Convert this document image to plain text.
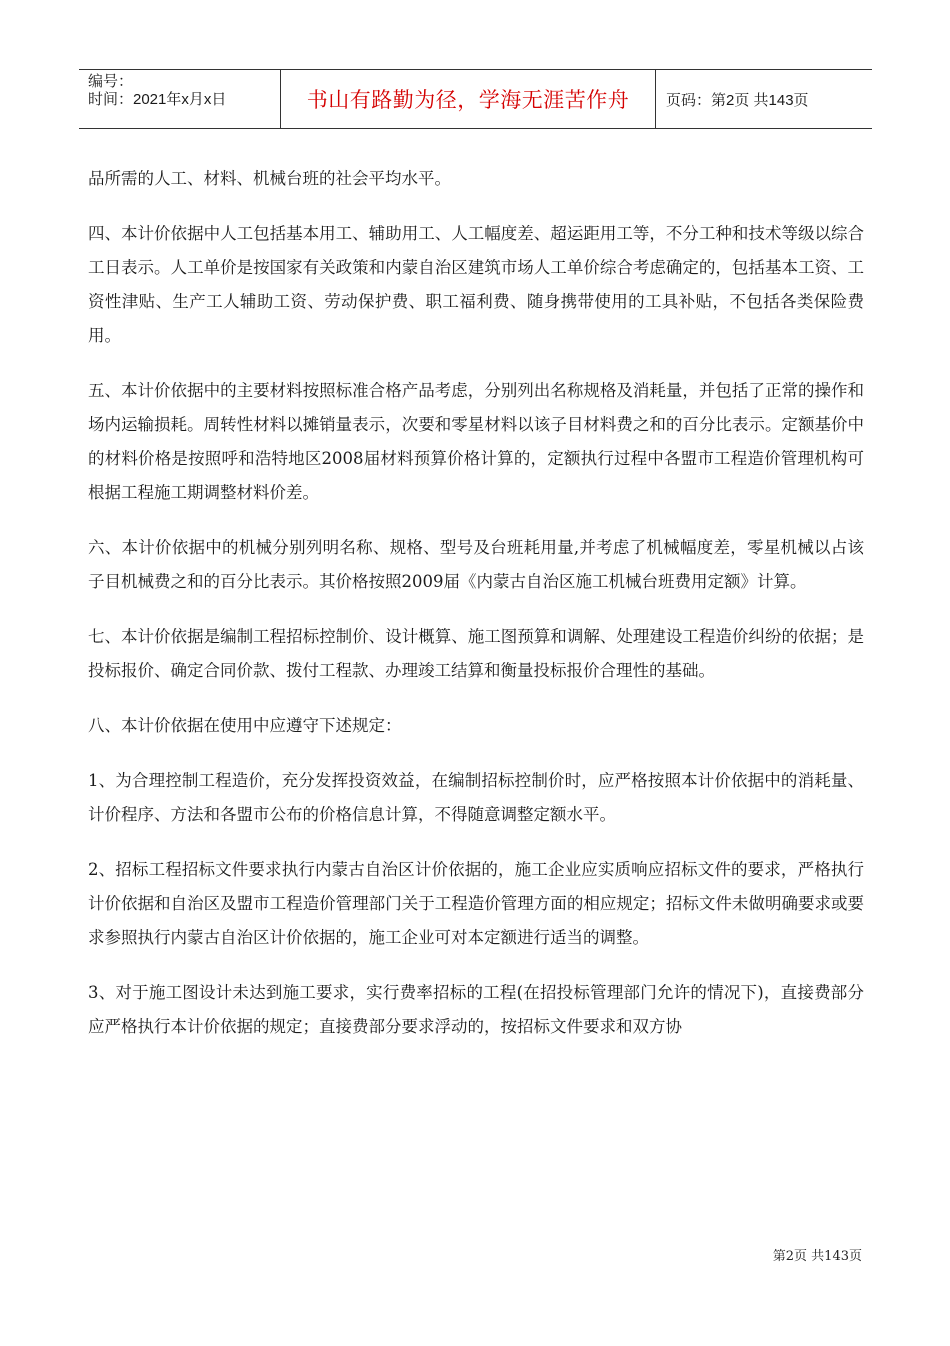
编号：
时间：2021年x月x日	书山有路勤为径，学海无涯苦作舟	页码：第2页 共143页

品所需的人工、材料、机械台班的社会平均水平。

四、本计价依据中人工包括基本用工、辅助用工、人工幅度差、超运距用工等，不分工种和技术等级以综合工日表示。人工单价是按国家有关政策和内蒙自治区建筑市场人工单价综合考虑确定的，包括基本工资、工资性津贴、生产工人辅助工资、劳动保护费、职工福利费、随身携带使用的工具补贴，不包括各类保险费用。

五、本计价依据中的主要材料按照标准合格产品考虑，分别列出名称规格及消耗量，并包括了正常的操作和场内运输损耗。周转性材料以摊销量表示，次要和零星材料以该子目材料费之和的百分比表示。定额基价中的材料价格是按照呼和浩特地区2008届材料预算价格计算的，定额执行过程中各盟市工程造价管理机构可根据工程施工期调整材料价差。

六、本计价依据中的机械分别列明名称、规格、型号及台班耗用量,并考虑了机械幅度差，零星机械以占该子目机械费之和的百分比表示。其价格按照2009届《内蒙古自治区施工机械台班费用定额》计算。

七、本计价依据是编制工程招标控制价、设计概算、施工图预算和调解、处理建设工程造价纠纷的依据；是投标报价、确定合同价款、拨付工程款、办理竣工结算和衡量投标报价合理性的基础。

八、本计价依据在使用中应遵守下述规定：

1、为合理控制工程造价，充分发挥投资效益，在编制招标控制价时，应严格按照本计价依据中的消耗量、计价程序、方法和各盟市公布的价格信息计算，不得随意调整定额水平。

2、招标工程招标文件要求执行内蒙古自治区计价依据的，施工企业应实质响应招标文件的要求，严格执行计价依据和自治区及盟市工程造价管理部门关于工程造价管理方面的相应规定；招标文件未做明确要求或要求参照执行内蒙古自治区计价依据的，施工企业可对本定额进行适当的调整。

3、对于施工图设计未达到施工要求，实行费率招标的工程(在招投标管理部门允许的情况下)，直接费部分应严格执行本计价依据的规定；直接费部分要求浮动的，按招标文件要求和双方协

第2页 共143页
